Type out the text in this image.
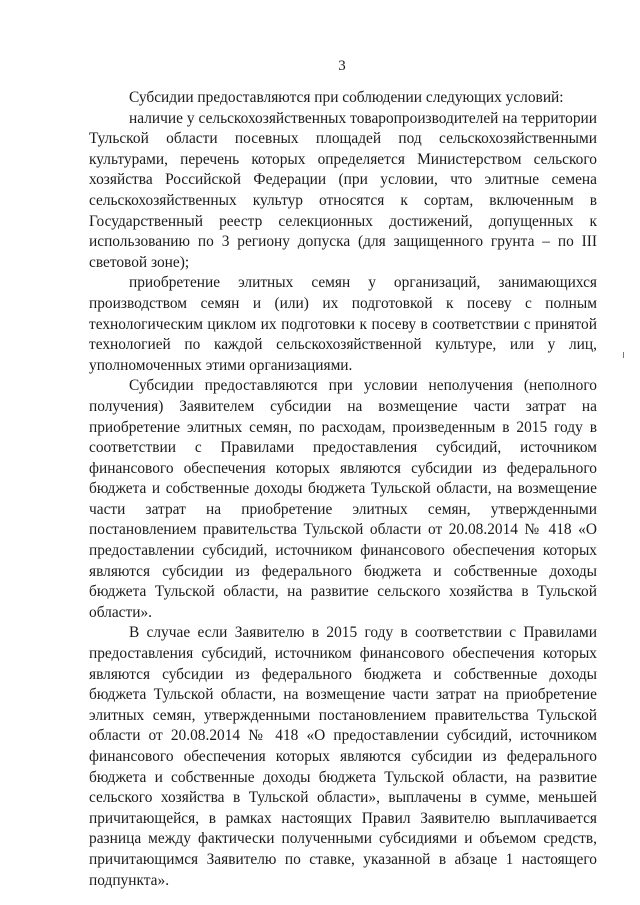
3

Субсидии предоставляются при соблюдении следующих условий:

наличие у сельскохозяйственных товаропроизводителей на территории Тульской области посевных площадей под сельскохозяйственными культурами, перечень которых определяется Министерством сельского хозяйства Российской Федерации (при условии, что элитные семена сельскохозяйственных культур относятся к сортам, включенным в Государственный реестр селекционных достижений, допущенных к использованию по 3 региону допуска (для защищенного грунта – по III световой зоне);

приобретение элитных семян у организаций, занимающихся производством семян и (или) их подготовкой к посеву с полным технологическим циклом их подготовки к посеву в соответствии с принятой технологией по каждой сельскохозяйственной культуре, или у лиц, уполномоченных этими организациями.

Субсидии предоставляются при условии неполучения (неполного получения) Заявителем субсидии на возмещение части затрат на приобретение элитных семян, по расходам, произведенным в 2015 году в соответствии с Правилами предоставления субсидий, источником финансового обеспечения которых являются субсидии из федерального бюджета и собственные доходы бюджета Тульской области, на возмещение части затрат на приобретение элитных семян, утвержденными постановлением правительства Тульской области от 20.08.2014 № 418 «О предоставлении субсидий, источником финансового обеспечения которых являются субсидии из федерального бюджета и собственные доходы бюджета Тульской области, на развитие сельского хозяйства в Тульской области».

В случае если Заявителю в 2015 году в соответствии с Правилами предоставления субсидий, источником финансового обеспечения которых являются субсидии из федерального бюджета и собственные доходы бюджета Тульской области, на возмещение части затрат на приобретение элитных семян, утвержденными постановлением правительства Тульской области от 20.08.2014 № 418 «О предоставлении субсидий, источником финансового обеспечения которых являются субсидии из федерального бюджета и собственные доходы бюджета Тульской области, на развитие сельского хозяйства в Тульской области», выплачены в сумме, меньшей причитающейся, в рамках настоящих Правил Заявителю выплачивается разница между фактически полученными субсидиями и объемом средств, причитающимся Заявителю по ставке, указанной в абзаце 1 настоящего подпункта».
